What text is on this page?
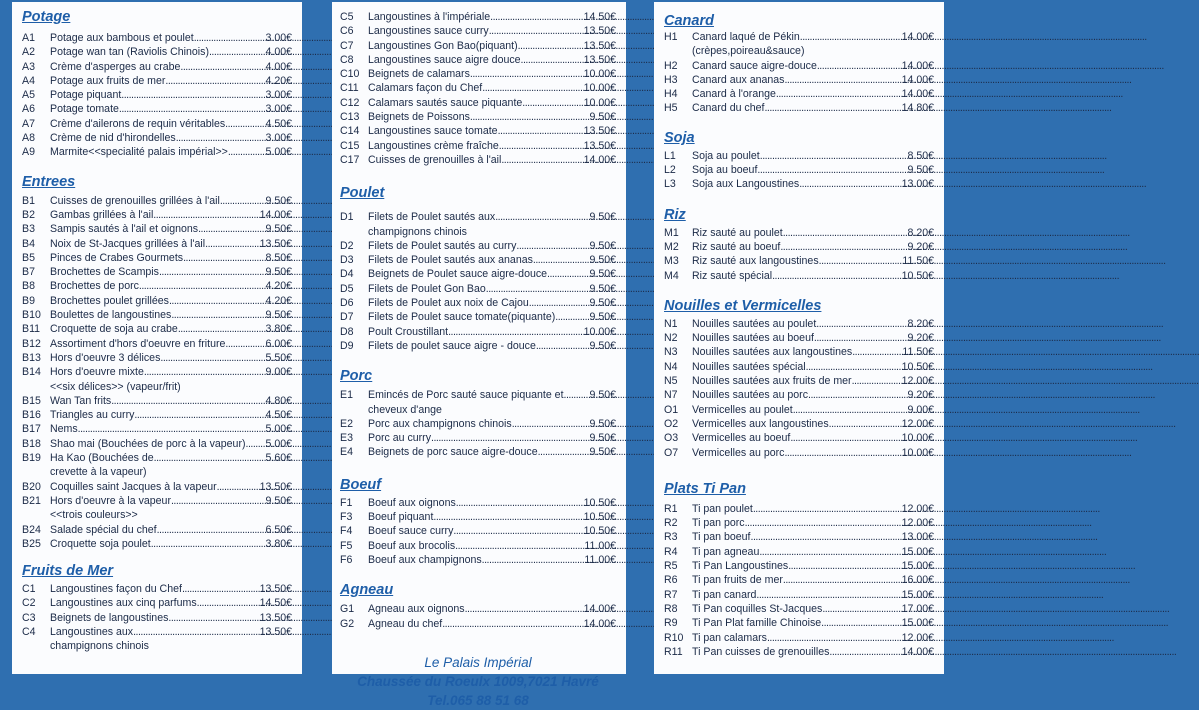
Potage
A1	Potage aux bambous et poulet .....	3.00€
A2	Potage wan tan (Raviolis Chinois) .....	4.00€
A3	Crème d'asperges au crabe .....	4.00€
A4	Potage aux fruits de mer .....	4.20€
A5	Potage piquant .....	3.00€
A6	Potage tomate .....	3.00€
A7	Crème d'ailerons de requin véritables .....	4.50€
A8	Crème de nid d'hirondelles .....	3.00€
A9	Marmite<<specialité palais impérial>> .....	5.00€
Entrees
B1	Cuisses de grenouilles grillées à l'ail .....	9.50€
B2	Gambas grillées à l'ail .....	14.00€
B3	Sampis sautés à l'ail et oignons .....	9.50€
B4	Noix de St-Jacques grillées à l'ail .....	13.50€
B5	Pinces de Crabes Gourmets .....	8.50€
B7	Brochettes de Scampis .....	9.50€
B8	Brochettes de porc .....	4.20€
B9	Brochettes poulet grillées .....	4.20€
B10 Boulettes de langoustines .....	9.50€
B11 Croquette de soja au crabe .....	3.80€
B12 Assortiment d'hors d'oeuvre en friture .....	6.00€
B13 Hors d'oeuvre 3 délices .....	5.50€
B14 Hors d'oeuvre mixte .....	9.00€
<<six délices>> (vapeur/frit)
B15 Wan Tan frits .....	4.80€
B16 Triangles au curry .....	4.50€
B17 Nems .....	5.00€
B18 Shao mai (Bouchées de porc à la vapeur) ..... 5.00€
B19 Ha Kao (Bouchées de .....	5.60€
crevette à la vapeur)
B20 Coquilles saint Jacques à la vapeur .....	13.50€
B21 Hors d'oeuvre à la vapeur .....	9.50€
<<trois couleurs>>
B24 Salade spécial du chef .....	6.50€
B25 Croquette soja poulet .....	3.80€
Fruits de Mer
C1	Langoustines façon du Chef .....	13.50€
C2	Langoustines aux cinq parfums .....	14.50€
C3	Beignets de langoustines .....	13.50€
C4	Langoustines aux .....	13.50€
champignons chinois
C5	Langoustines à l'impériale .....	14.50€
C6	Langoustines sauce curry .....	13.50€
C7	Langoustines Gon Bao(piquant) .....	13.50€
C8	Langoustines sauce aigre douce .....	13.50€
C10 Beignets de calamars .....	10.00€
C11 Calamars façon du Chef .....	10.00€
C12 Calamars sautés sauce piquante .....	10.00€
C13 Beignets de Poissons .....	9.50€
C14 Langoustines sauce tomate .....	13.50€
C15 Langoustines crème fraîche .....	13.50€
C17 Cuisses de grenouilles à l'ail .....	14.00€
Poulet
D1	Filets de Poulet sautés aux .....	9.50€
champignons chinois
D2	Filets de Poulet sautés au curry .....	9.50€
D3	Filets de Poulet sautés aux ananas .....	9.50€
D4	Beignets de Poulet sauce aigre-douce .....	9.50€
D5	Filets de Poulet Gon Bao .....	9.50€
D6	Filets de Poulet aux noix de Cajou .....	9.50€
D7	Filets de Poulet sauce tomate(piquante) .....	9.50€
D8	Poult Croustillant .....	10.00€
D9	Filets de poulet sauce aigre - douce .....	9.50€
Porc
E1	Emincés de Porc sauté sauce piquante et ..... 9.50€
cheveux d'ange
E2	Porc aux champignons chinois .....	9.50€
E3	Porc au curry .....	9.50€
E4	Beignets de porc sauce aigre-douce .....	9.50€
Boeuf
F1	Boeuf aux oignons .....	10.50€
F3	Boeuf piquant .....	10.50€
F4	Boeuf sauce curry .....	10.50€
F5	Boeuf aux brocolis .....	11.00€
F6	Boeuf aux champignons .....	11.00€
Agneau
G1	Agneau aux oignons .....	14.00€
G2	Agneau du chef .....	14.00€
Le Palais Impérial
Chaussée du Roeulx 1009,7021 Havré
Tel.065 88 51 68
Canard
H1	Canard laqué de Pékin .....	14.00€
(crèpes,poireau&sauce)
H2	Canard sauce aigre-douce .....	14.00€
H3	Canard aux ananas .....	14.00€
H4	Canard à l'orange .....	14.00€
H5	Canard du chef .....	14.80€
Soja
L1	Soja au poulet .....	8.50€
L2	Soja au boeuf .....	9.50€
L3	Soja aux Langoustines .....	13.00€
Riz
M1	Riz sauté au poulet .....	8.20€
M2	Riz sauté au boeuf .....	9.20€
M3	Riz sauté aux langoustines .....	11.50€
M4	Riz sauté spécial .....	10.50€
Nouilles et Vermicelles
N1	Nouilles sautées au poulet .....	8.20€
N2	Nouilles sautées au boeuf .....	9.20€
N3	Nouilles sautées aux langoustines .....	11.50€
N4	Nouilles sautées spécial .....	10.50€
N5	Nouilles sautées aux fruits de mer .....	12.00€
N7	Nouilles sautées au porc .....	9.20€
O1	Vermicelles au poulet .....	9.00€
O2	Vermicelles aux langoustines .....	12.00€
O3	Vermicelles au boeuf .....	10.00€
O7	Vermicelles au porc .....	10.00€
Plats Ti Pan
R1	Ti pan poulet .....	12.00€
R2	Ti pan porc .....	12.00€
R3	Ti pan boeuf .....	13.00€
R4	Ti pan agneau .....	15.00€
R5	Ti Pan Langoustines .....	15.00€
R6	Ti pan fruits de mer .....	16.00€
R7	Ti pan canard .....	15.00€
R8	Ti Pan coquilles St-Jacques .....	17.00€
R9	Ti Pan Plat famille Chinoise .....	15.00€
R10 Ti pan calamars .....	12.00€
R11 Ti Pan cuisses de grenouilles .....	14.00€
